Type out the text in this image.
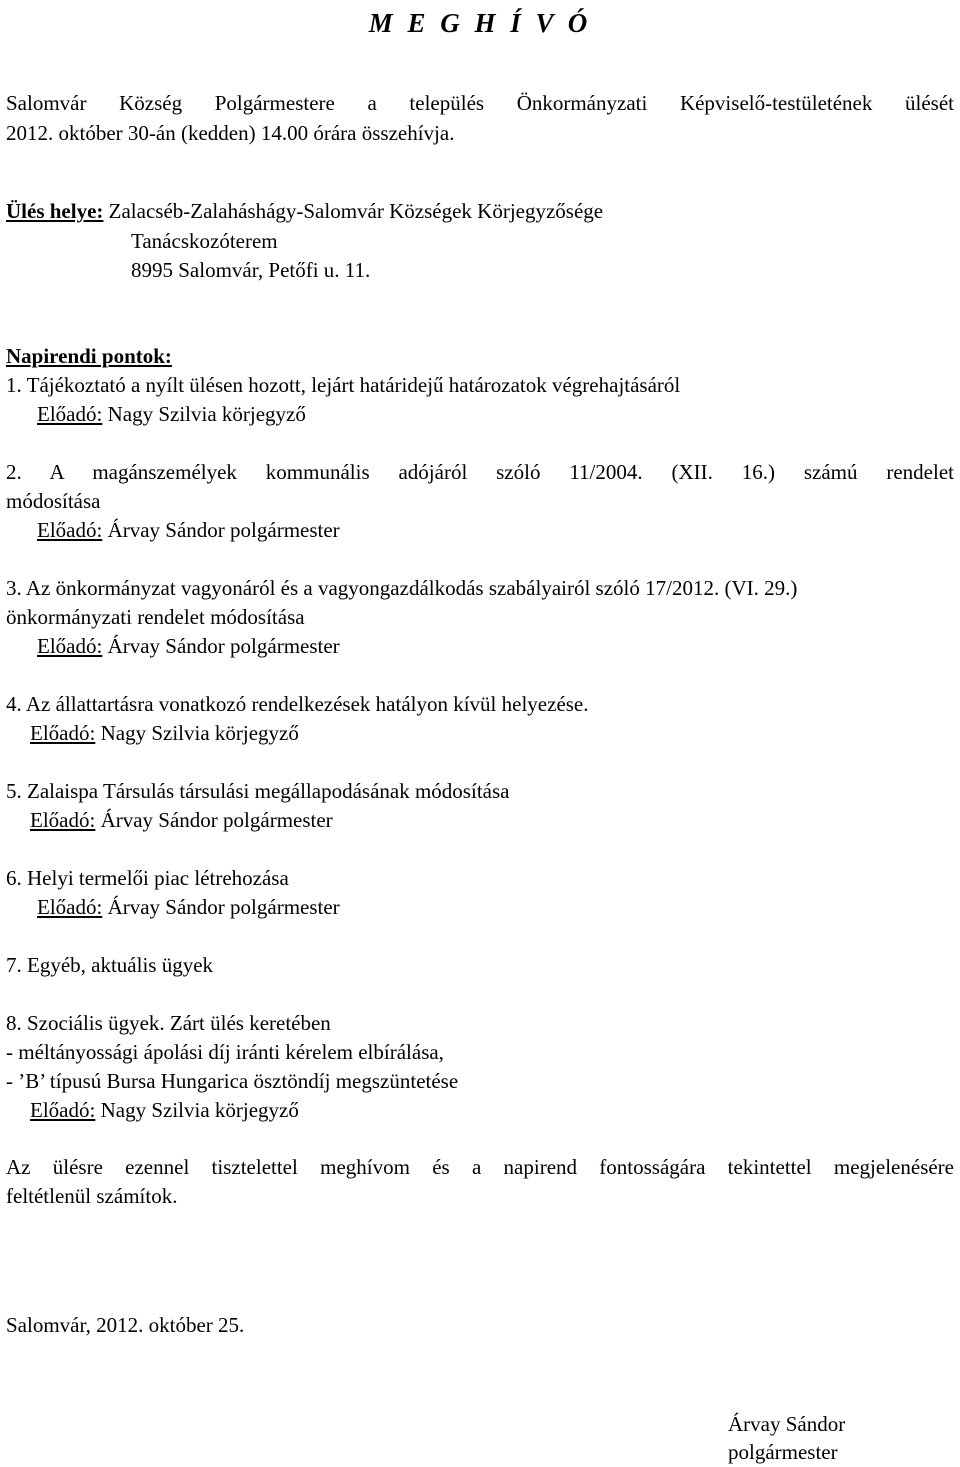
M E G H Í V Ó
Salomvár Község Polgármestere a település Önkormányzati Képviselő-testületének ülését
2012. október 30-án (kedden) 14.00 órára összehívja.
Ülés helye: Zalacséb-Zalaháshágy-Salomvár Községek Körjegyzősége
Tanácskozóterem
8995 Salomvár, Petőfi u. 11.
Napirendi pontok:
1. Tájékoztató a nyílt ülésen hozott, lejárt határidejű határozatok végrehajtásáról
Előadó: Nagy Szilvia körjegyző
2. A magánszemélyek kommunális adójáról szóló 11/2004. (XII. 16.) számú rendelet
módosítása
Előadó: Árvay Sándor polgármester
3. Az önkormányzat vagyonáról és a vagyongazdálkodás szabályairól szóló 17/2012. (VI. 29.)
önkormányzati rendelet módosítása
Előadó: Árvay Sándor polgármester
4. Az állattartásra vonatkozó rendelkezések hatályon kívül helyezése.
Előadó: Nagy Szilvia körjegyző
5. Zalaispa Társulás társulási megállapodásának módosítása
Előadó: Árvay Sándor polgármester
6. Helyi termelői piac létrehozása
Előadó: Árvay Sándor polgármester
7. Egyéb, aktuális ügyek
8. Szociális ügyek. Zárt ülés keretében
- méltányossági ápolási díj iránti kérelem elbírálása,
- ’B’ típusú Bursa Hungarica ösztöndíj megszüntetése
Előadó: Nagy Szilvia körjegyző
Az ülésre ezennel tisztelettel meghívom és a napirend fontosságára tekintettel megjelenésére
feltétlenül számítok.
Salomvár, 2012. október 25.
Árvay Sándor
polgármester
